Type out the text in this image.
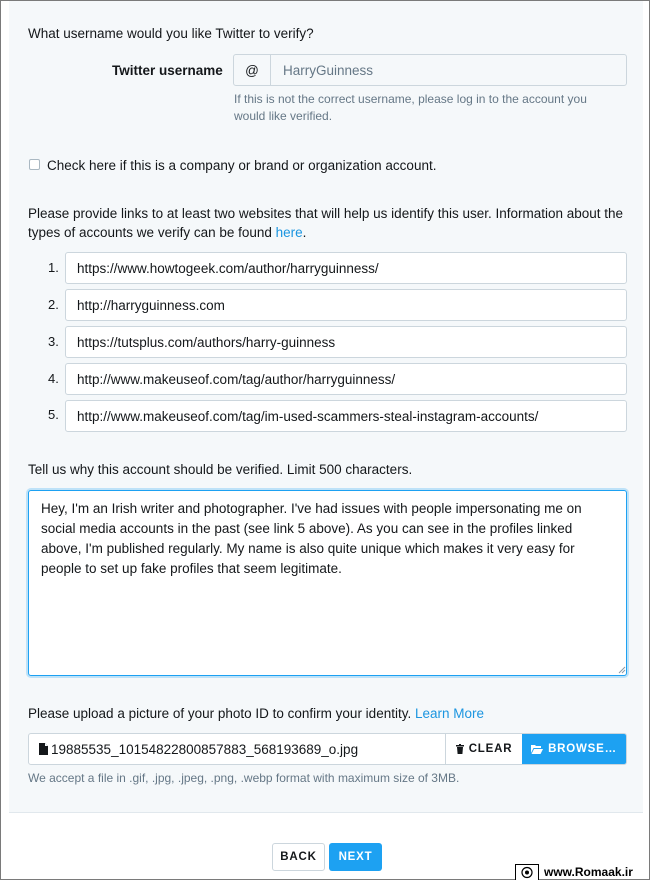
What username would you like Twitter to verify?
Twitter username	@
HarryGuinness
If this is not the correct username, please log in to the account you would like verified.
Check here if this is a company or brand or organization account.
Please provide links to at least two websites that will help us identify this user. Information about the types of accounts we verify can be found here.
1.
https://www.howtogeek.com/author/harryguinness/
2.
http://harryguinness.com
3.
https://tutsplus.com/authors/harry-guinness
4.
http://www.makeuseof.com/tag/author/harryguinness/
5.
http://www.makeuseof.com/tag/im-used-scammers-steal-instagram-accounts/
Tell us why this account should be verified. Limit 500 characters.
Hey, I'm an Irish writer and photographer. I've had issues with people impersonating me on social media accounts in the past (see link 5 above). As you can see in the profiles linked above, I'm published regularly. My name is also quite unique which makes it very easy for people to set up fake profiles that seem legitimate.
Please upload a picture of your photo ID to confirm your identity. Learn More
19885535_10154822800857883_568193689_o.jpg	CLEAR	BROWSE…
We accept a file in .gif, .jpg, .jpeg, .png, .webp format with maximum size of 3MB.
BACK	NEXT
www.Romaak.ir
